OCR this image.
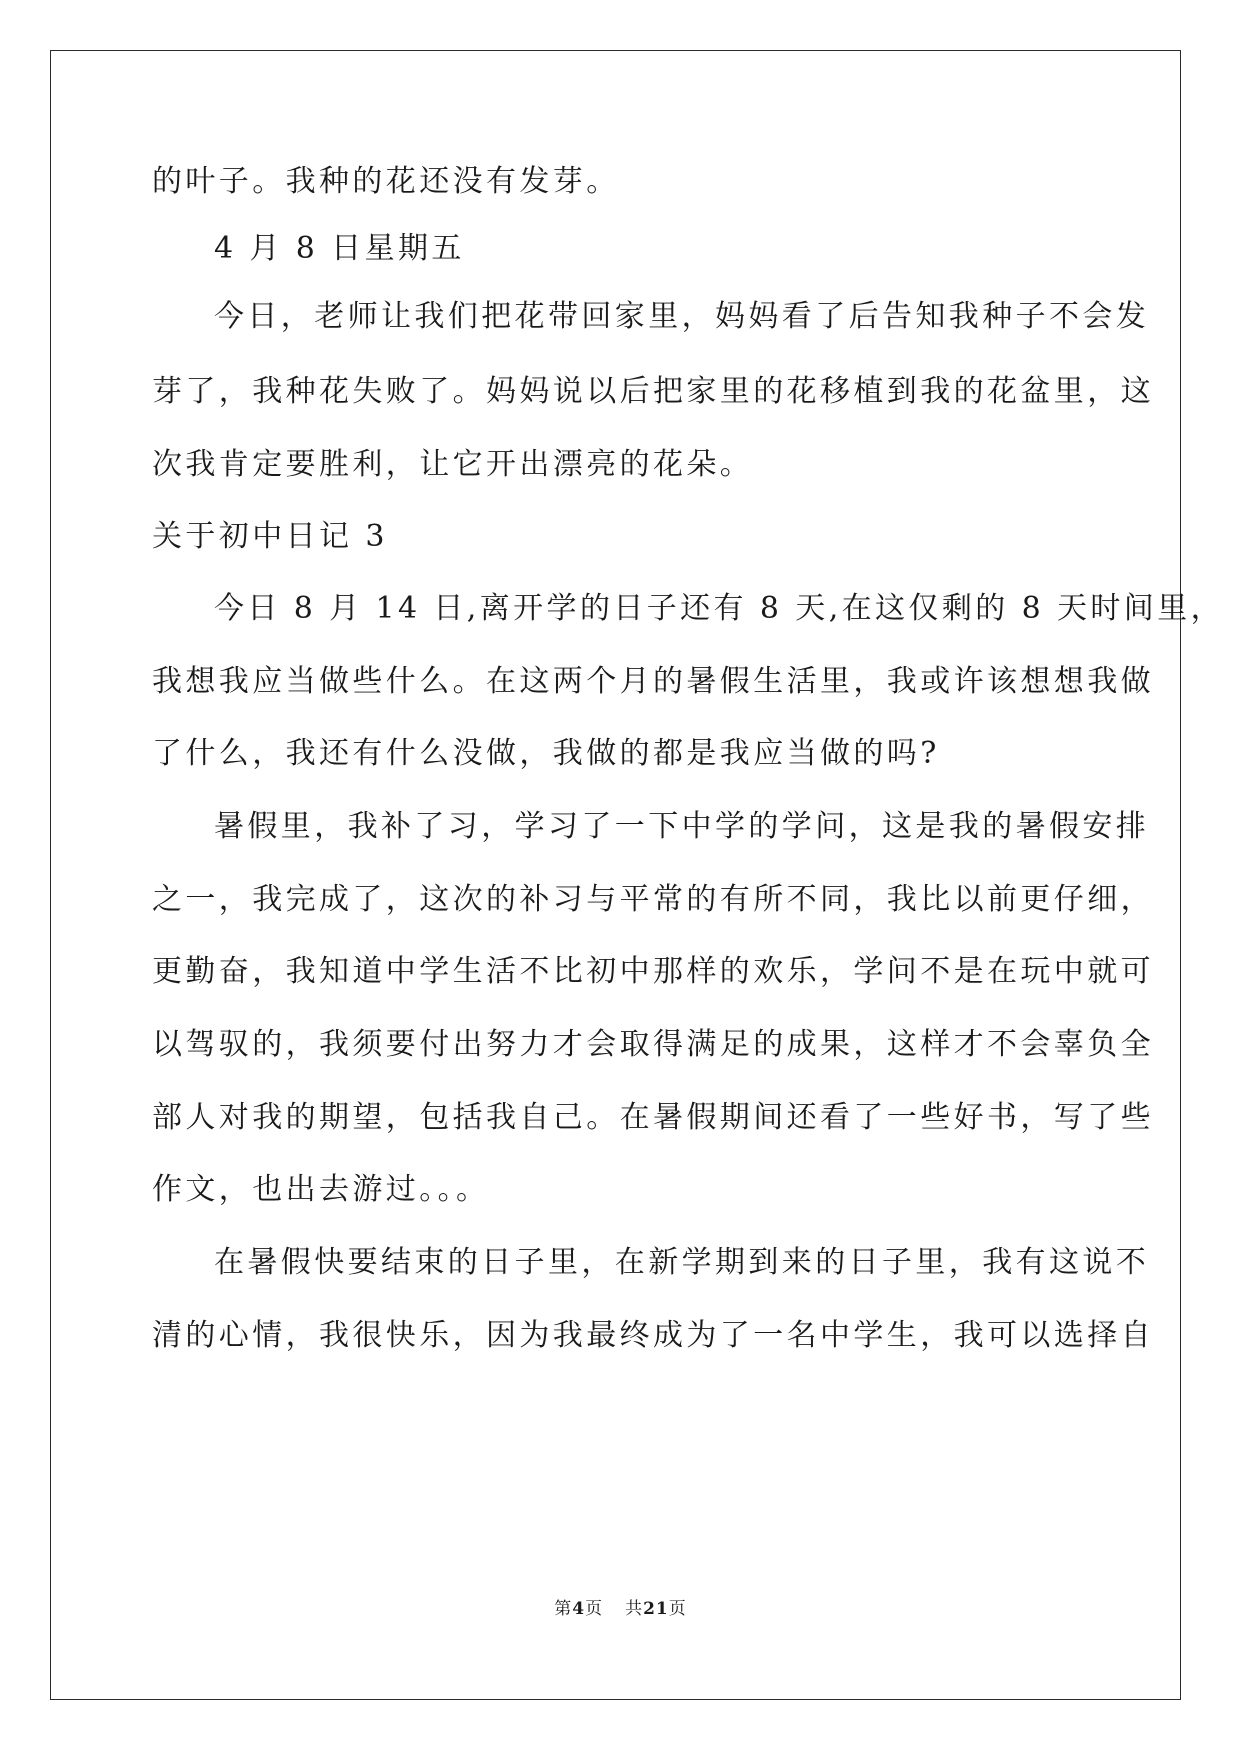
的叶子。我种的花还没有发芽。
4 月 8 日星期五
今日，老师让我们把花带回家里，妈妈看了后告知我种子不会发
芽了，我种花失败了。妈妈说以后把家里的花移植到我的花盆里，这
次我肯定要胜利，让它开出漂亮的花朵。
关于初中日记 3
今日 8 月 14 日,离开学的日子还有 8 天,在这仅剩的 8 天时间里，
我想我应当做些什么。在这两个月的暑假生活里，我或许该想想我做
了什么，我还有什么没做，我做的都是我应当做的吗?
暑假里，我补了习，学习了一下中学的学问，这是我的暑假安排
之一，我完成了，这次的补习与平常的有所不同，我比以前更仔细，
更勤奋，我知道中学生活不比初中那样的欢乐，学问不是在玩中就可
以驾驭的，我须要付出努力才会取得满足的成果，这样才不会辜负全
部人对我的期望，包括我自己。在暑假期间还看了一些好书，写了些
作文，也出去游过。。。
在暑假快要结束的日子里，在新学期到来的日子里，我有这说不
清的心情，我很快乐，因为我最终成为了一名中学生，我可以选择自
第4页 共21页
